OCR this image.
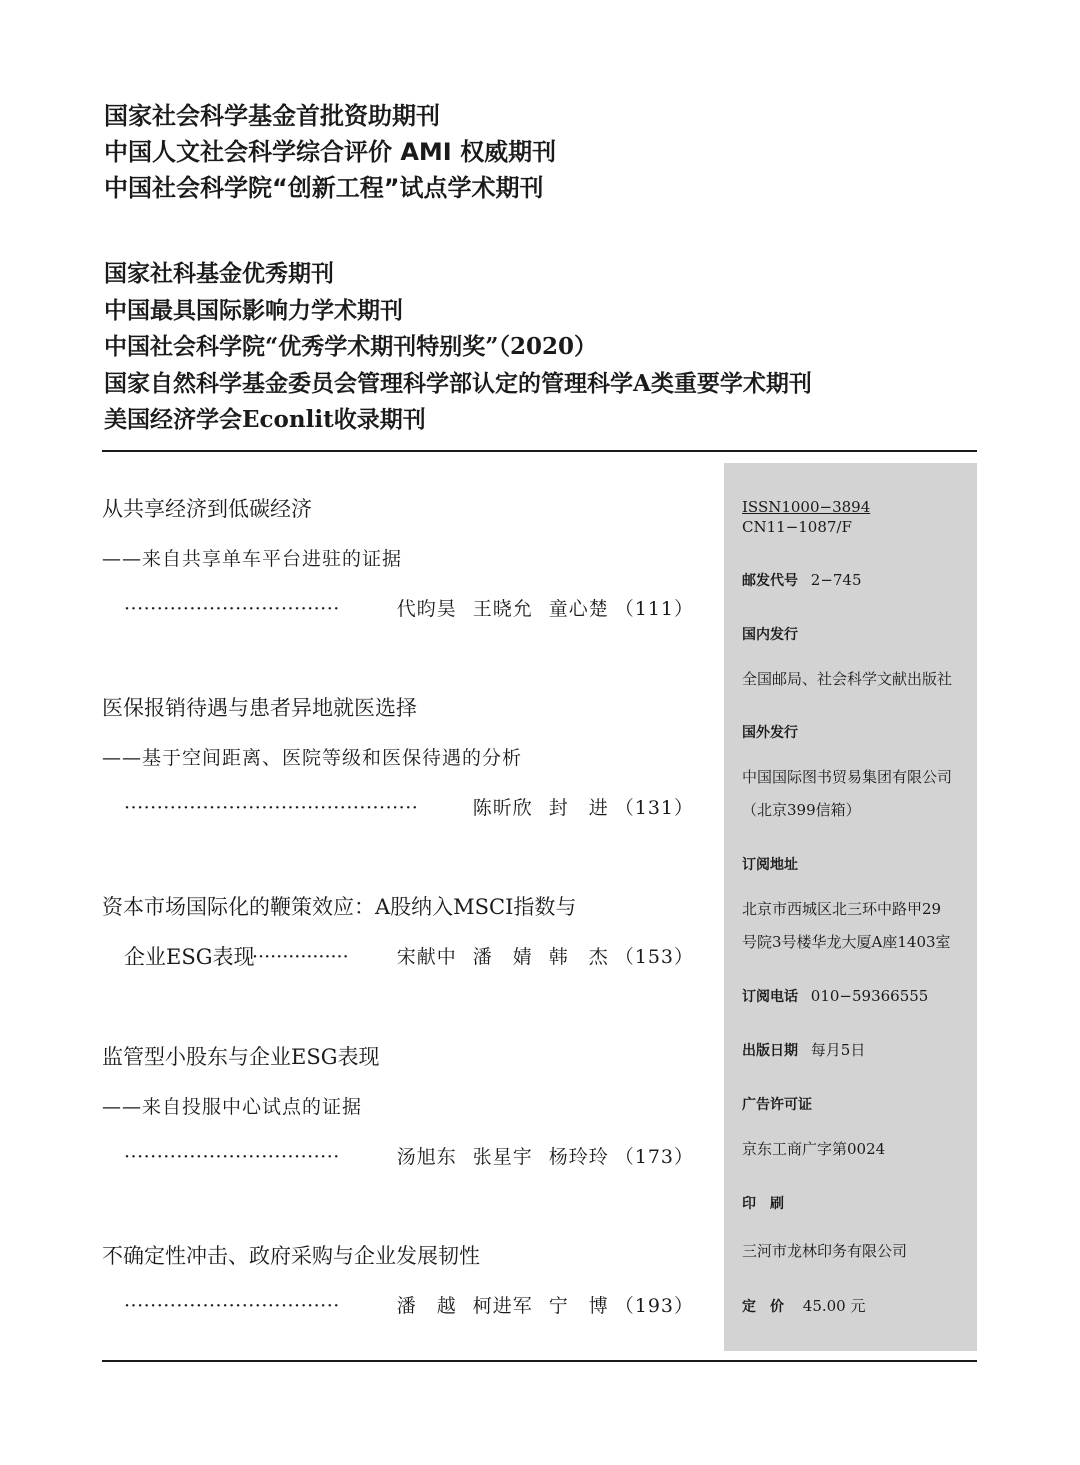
国家社会科学基金首批资助期刊
中国人文社会科学综合评价 AMI 权威期刊
中国社会科学院“创新工程”试点学术期刊
国家社科基金优秀期刊
中国最具国际影响力学术期刊
中国社会科学院“优秀学术期刊特别奖”（2020）
国家自然科学基金委员会管理科学部认定的管理科学A类重要学术期刊
美国经济学会Econlit收录期刊
从共享经济到低碳经济
——来自共享单车平台进驻的证据
·································	代昀昊 王晓允 童心楚 （111）
医保报销待遇与患者异地就医选择
——基于空间距离、医院等级和医保待遇的分析
·············································	陈昕欣 封　进 （131）
资本市场国际化的鞭策效应：A股纳入MSCI指数与
企业ESG表现
················	宋献中 潘　婧 韩　杰 （153）
监管型小股东与企业ESG表现
——来自投服中心试点的证据
·································	汤旭东 张星宇 杨玲玲 （173）
不确定性冲击、政府采购与企业发展韧性
·································	潘　越 柯进军 宁　博 （193）
ISSN1000−3894
CN11−1087/F
邮发代号 2−745
国内发行
全国邮局、社会科学文献出版社
国外发行
中国国际图书贸易集团有限公司
（北京399信箱）
订阅地址
北京市西城区北三环中路甲29
号院3号楼华龙大厦A座1403室
订阅电话 010−59366555
出版日期 每月5日
广告许可证
京东工商广字第0024
印　刷
三河市龙林印务有限公司
定　价 45.00 元
